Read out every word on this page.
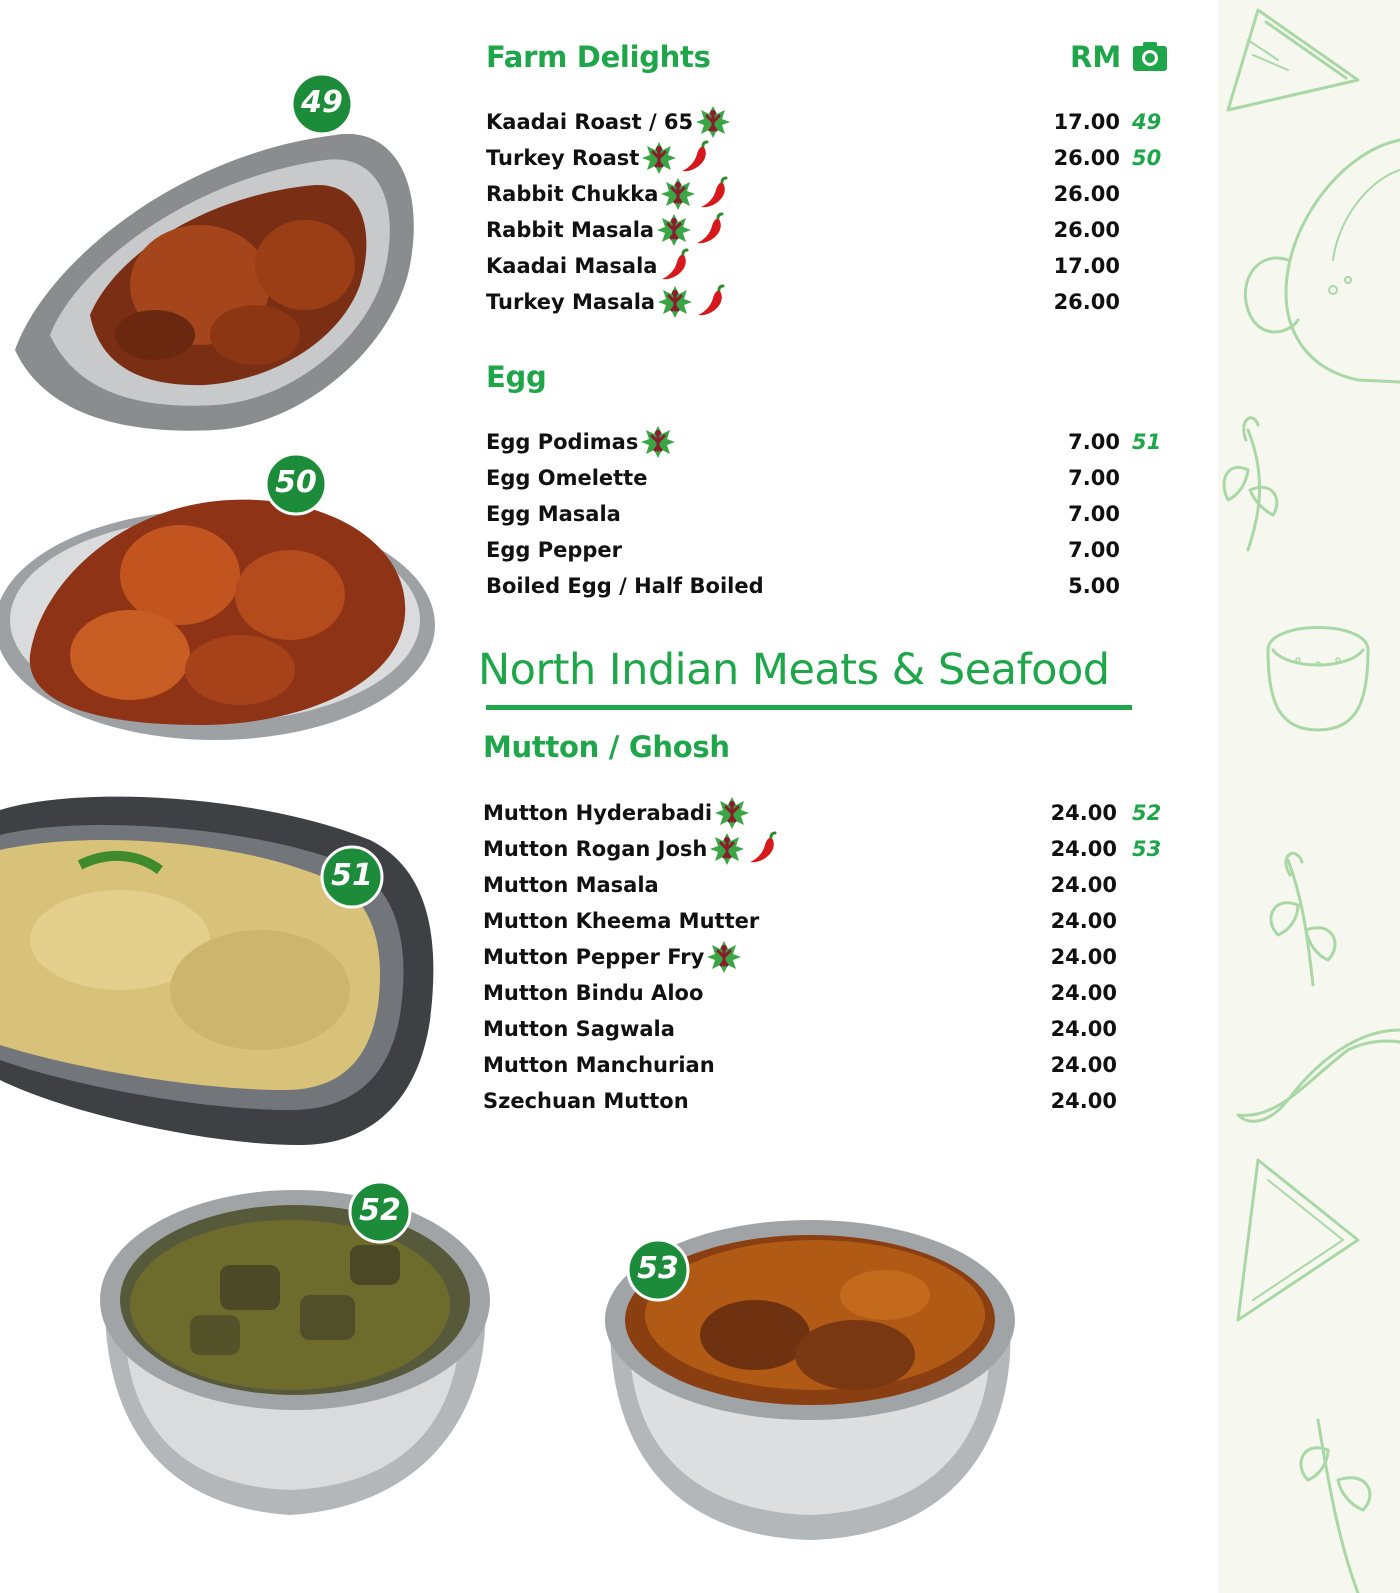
49
50
51
52
53
Farm Delights	RM
Kaadai Roast / 65	17.00 49
Turkey Roast	26.00 50
Rabbit Chukka	26.00
Rabbit Masala	26.00
Kaadai Masala	17.00
Turkey Masala	26.00
Egg
Egg Podimas	7.00 51
Egg Omelette	7.00
Egg Masala	7.00
Egg Pepper	7.00
Boiled Egg / Half Boiled	5.00
North Indian Meats & Seafood
Mutton / Ghosh
Mutton Hyderabadi	24.00 52
Mutton Rogan Josh	24.00 53
Mutton Masala	24.00
Mutton Kheema Mutter	24.00
Mutton Pepper Fry	24.00
Mutton Bindu Aloo	24.00
Mutton Sagwala	24.00
Mutton Manchurian	24.00
Szechuan Mutton	24.00
